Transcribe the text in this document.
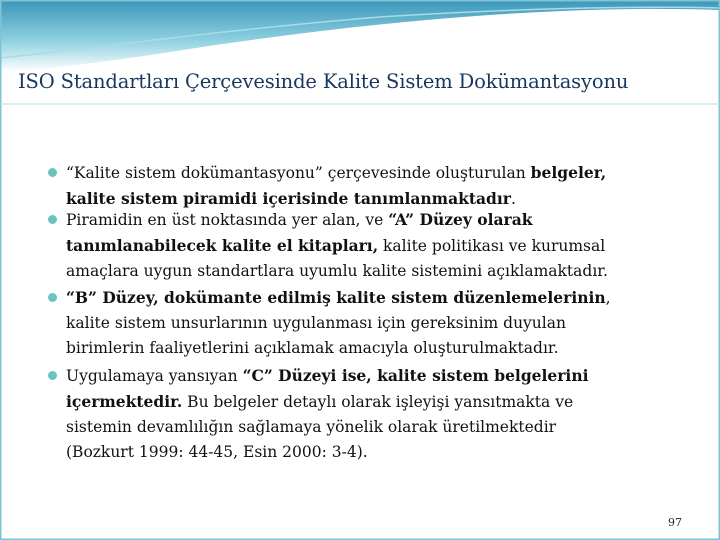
ISO Standartları Çerçevesinde Kalite Sistem Dokümantasyonu
“Kalite sistem dokümantasyonu” çerçevesinde oluşturulan belgeler,
kalite sistem piramidi içerisinde tanımlanmaktadır.
Piramidin en üst noktasında yer alan, ve “A” Düzey olarak
tanımlanabilecek kalite el kitapları, kalite politikası ve kurumsal
amaçlara uygun standartlara uyumlu kalite sistemini açıklamaktadır.
“B” Düzey, dokümante edilmiş kalite sistem düzenlemelerinin,
kalite sistem unsurlarının uygulanması için gereksinim duyulan
birimlerin faaliyetlerini açıklamak amacıyla oluşturulmaktadır.
Uygulamaya yansıyan “C” Düzeyi ise, kalite sistem belgelerini
içermektedir. Bu belgeler detaylı olarak işleyişi yansıtmakta ve
sistemin devamlılığın sağlamaya yönelik olarak üretilmektedir
(Bozkurt 1999: 44-45, Esin 2000: 3-4).
97
